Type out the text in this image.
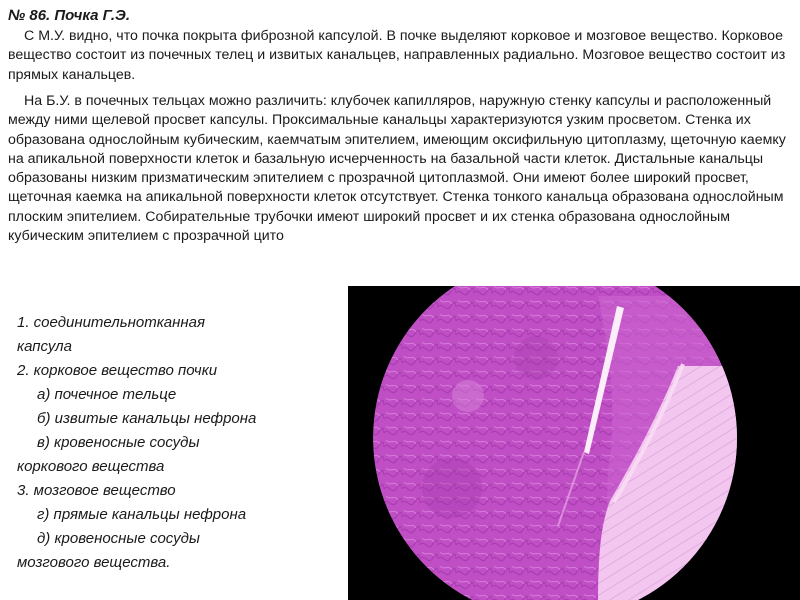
№ 86. Почка Г.Э.

С М.У. видно, что почка покрыта фиброзной капсулой. В почке выделяют корковое и мозговое вещество. Корковое вещество состоит из почечных телец и извитых канальцев, направленных радиально. Мозговое вещество состоит из прямых канальцев.

На Б.У. в почечных тельцах можно различить: клубочек капилляров, наружную стенку капсулы и расположенный между ними щелевой просвет капсулы. Проксимальные канальцы характеризуются узким просветом. Стенка их образована однослойным кубическим, каемчатым эпителием, имеющим оксифильную цитоплазму, щеточную каемку на апикальной поверхности клеток и базальную исчерченность на базальной части клеток. Дистальные канальцы образованы низким призматическим эпителием с прозрачной цитоплазмой. Они имеют более широкий просвет, щеточная каемка на апикальной поверхности клеток отсутствует. Стенка тонкого канальца образована однослойным плоским эпителием. Собирательные трубочки имеют широкий просвет и их стенка образована однослойным кубическим эпителием с прозрачной цито

1. соединительнотканная
капсула
2. корковое вещество почки
а) почечное тельце
б) извитые канальцы нефрона
в) кровеносные сосуды
коркового вещества
3. мозговое вещество
г) прямые канальцы нефрона
д) кровеносные сосуды
мозгового вещества.
